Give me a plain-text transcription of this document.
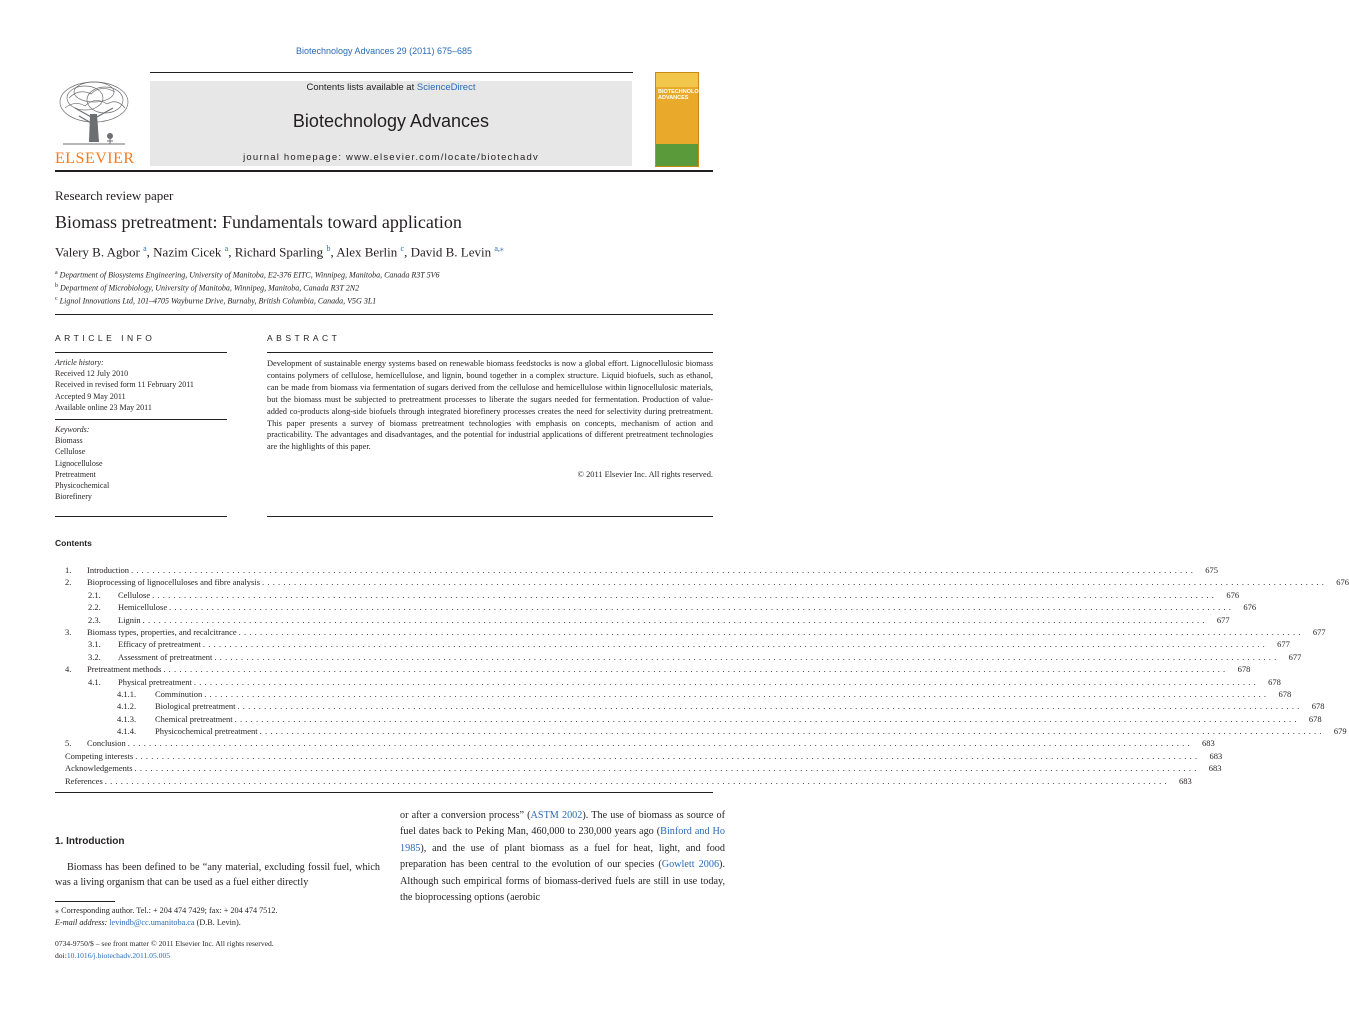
Biotechnology Advances 29 (2011) 675–685
ELSEVIER
Contents lists available at ScienceDirect
Biotechnology Advances
journal homepage: www.elsevier.com/locate/biotechadv
BIOTECHNOLOGY ADVANCES
Research review paper
Biomass pretreatment: Fundamentals toward application
Valery B. Agbor $^a$, Nazim Cicek $^a$, Richard Sparling $^b$, Alex Berlin $^c$, David B. Levin $^{a,⁎}$
$^a$ Department of Biosystems Engineering, University of Manitoba, E2-376 EITC, Winnipeg, Manitoba, Canada R3T 5V6
$^b$ Department of Microbiology, University of Manitoba, Winnipeg, Manitoba, Canada R3T 2N2
$^c$ Lignol Innovations Ltd, 101–4705 Wayburne Drive, Burnaby, British Columbia, Canada, V5G 3L1
ARTICLE INFO	ABSTRACT
Article history:
Received 12 July 2010
Received in revised form 11 February 2011
Accepted 9 May 2011
Available online 23 May 2011
Keywords:
Biomass
Cellulose
Lignocellulose
Pretreatment
Physicochemical
Biorefinery
Development of sustainable energy systems based on renewable biomass feedstocks is now a global effort. Lignocellulosic biomass contains polymers of cellulose, hemicellulose, and lignin, bound together in a complex structure. Liquid biofuels, such as ethanol, can be made from biomass via fermentation of sugars derived from the cellulose and hemicellulose within lignocellulosic materials, but the biomass must be subjected to pretreatment processes to liberate the sugars needed for fermentation. Production of value-added co-products along-side biofuels through integrated biorefinery processes creates the need for selectivity during pretreatment. This paper presents a survey of biomass pretreatment technologies with emphasis on concepts, mechanism of action and practicability. The advantages and disadvantages, and the potential for industrial applications of different pretreatment technologies are the highlights of this paper.
© 2011 Elsevier Inc. All rights reserved.
Contents
1.	Introduction ........................................................................................................................................................................................................	675
2.	Bioprocessing of lignocelluloses and fibre analysis ........................................................................................................................................................................................................	676
2.1.	Cellulose ........................................................................................................................................................................................................	676
2.2.	Hemicellulose ........................................................................................................................................................................................................	676
2.3.	Lignin ........................................................................................................................................................................................................	677
3.	Biomass types, properties, and recalcitrance ........................................................................................................................................................................................................	677
3.1.	Efficacy of pretreatment ........................................................................................................................................................................................................	677
3.2.	Assessment of pretreatment ........................................................................................................................................................................................................	677
4.	Pretreatment methods ........................................................................................................................................................................................................	678
4.1.	Physical pretreatment ........................................................................................................................................................................................................	678
4.1.1.	Comminution ........................................................................................................................................................................................................	678
4.1.2.	Biological pretreatment ........................................................................................................................................................................................................	678
4.1.3.	Chemical pretreatment ........................................................................................................................................................................................................	678
4.1.4.	Physicochemical pretreatment ........................................................................................................................................................................................................	679
5.	Conclusion ........................................................................................................................................................................................................	683
Competing interests ........................................................................................................................................................................................................	683
Acknowledgements ........................................................................................................................................................................................................	683
References ........................................................................................................................................................................................................	683
1. Introduction
Biomass has been defined to be “any material, excluding fossil fuel, which was a living organism that can be used as a fuel either directly
or after a conversion process” (ASTM 2002). The use of biomass as source of fuel dates back to Peking Man, 460,000 to 230,000 years ago (Binford and Ho 1985), and the use of plant biomass as a fuel for heat, light, and food preparation has been central to the evolution of our species (Gowlett 2006). Although such empirical forms of biomass-derived fuels are still in use today, the bioprocessing options (aerobic
⁎ Corresponding author. Tel.: + 204 474 7429; fax: + 204 474 7512.
E-mail address: levindb@cc.umanitoba.ca (D.B. Levin).
0734-9750/$ – see front matter © 2011 Elsevier Inc. All rights reserved.
doi:10.1016/j.biotechadv.2011.05.005
